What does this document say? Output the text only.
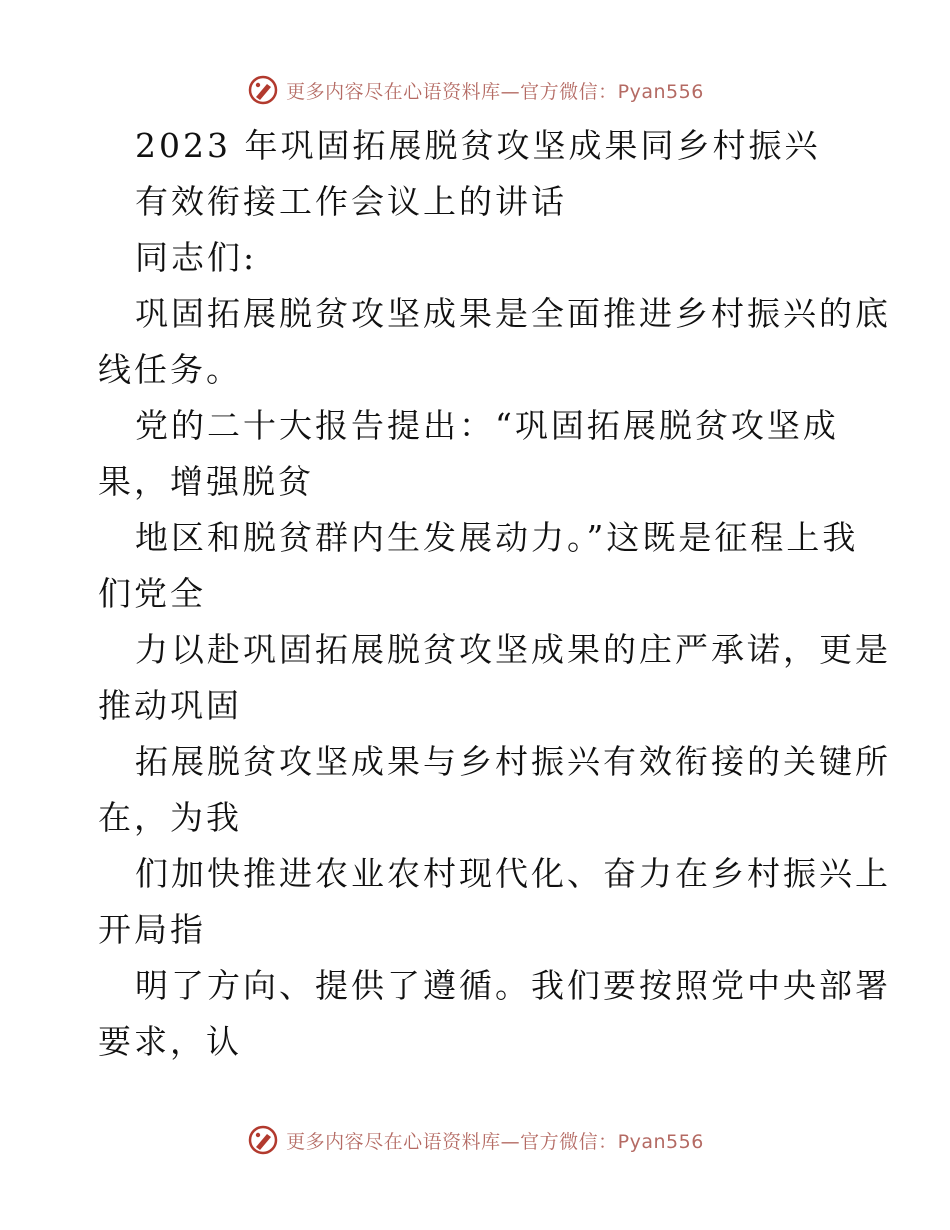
更多内容尽在心语资料库—官方微信：Pyan556
2023 年巩固拓展脱贫攻坚成果同乡村振兴
有效衔接工作会议上的讲话
同志们:
巩固拓展脱贫攻坚成果是全面推进乡村振兴的底
线任务。
党的二十大报告提出：“巩固拓展脱贫攻坚成
果，增强脱贫
地区和脱贫群内生发展动力。”这既是征程上我
们党全
力以赴巩固拓展脱贫攻坚成果的庄严承诺，更是
推动巩固
拓展脱贫攻坚成果与乡村振兴有效衔接的关键所
在，为我
们加快推进农业农村现代化、奋力在乡村振兴上
开局指
明了方向、提供了遵循。我们要按照党中央部署
要求，认
更多内容尽在心语资料库—官方微信：Pyan556
